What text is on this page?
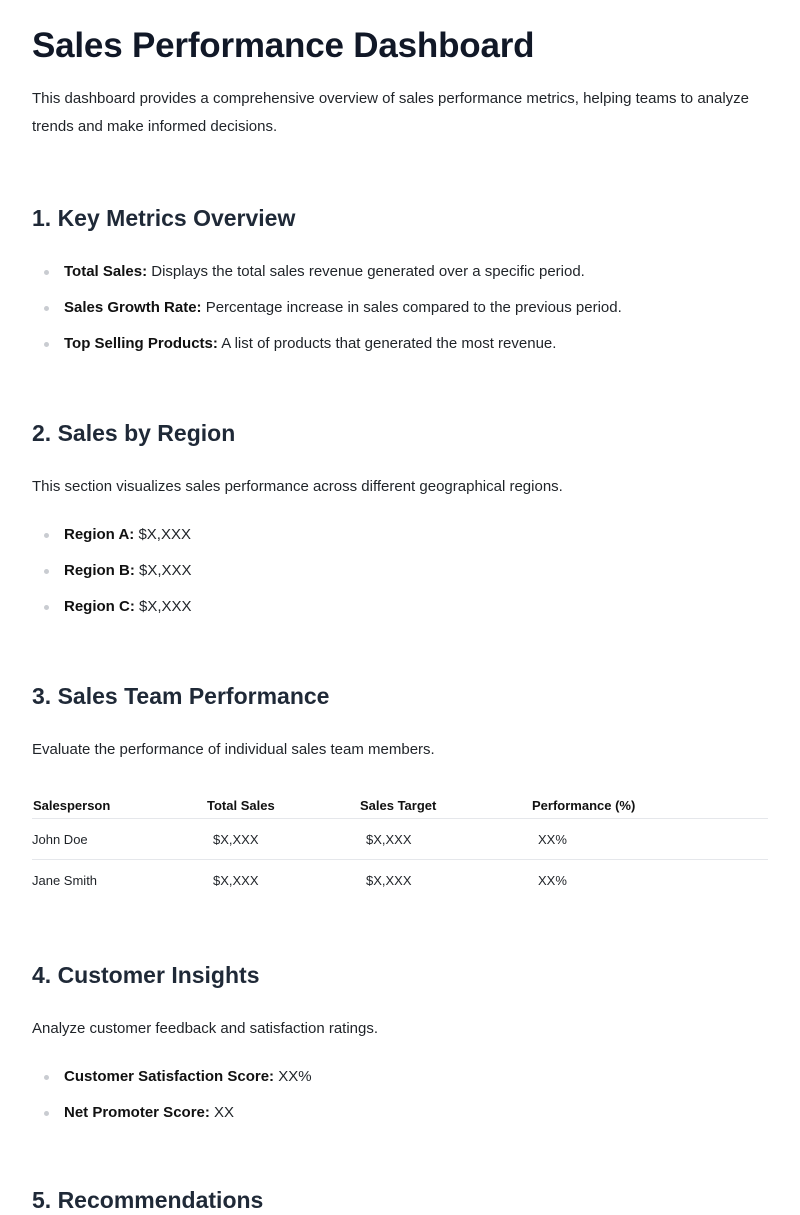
Sales Performance Dashboard

This dashboard provides a comprehensive overview of sales performance metrics, helping teams to analyze trends and make informed decisions.

1. Key Metrics Overview
Total Sales: Displays the total sales revenue generated over a specific period.
Sales Growth Rate: Percentage increase in sales compared to the previous period.
Top Selling Products: A list of products that generated the most revenue.
2. Sales by Region

This section visualizes sales performance across different geographical regions.

Region A: $X,XXX
Region B: $X,XXX
Region C: $X,XXX
3. Sales Team Performance

Evaluate the performance of individual sales team members.

Salesperson	Total Sales	Sales Target	Performance (%)
John Doe	$X,XXX	$X,XXX	XX%
Jane Smith	$X,XXX	$X,XXX	XX%
4. Customer Insights

Analyze customer feedback and satisfaction ratings.

Customer Satisfaction Score: XX%
Net Promoter Score: XX
5. Recommendations
